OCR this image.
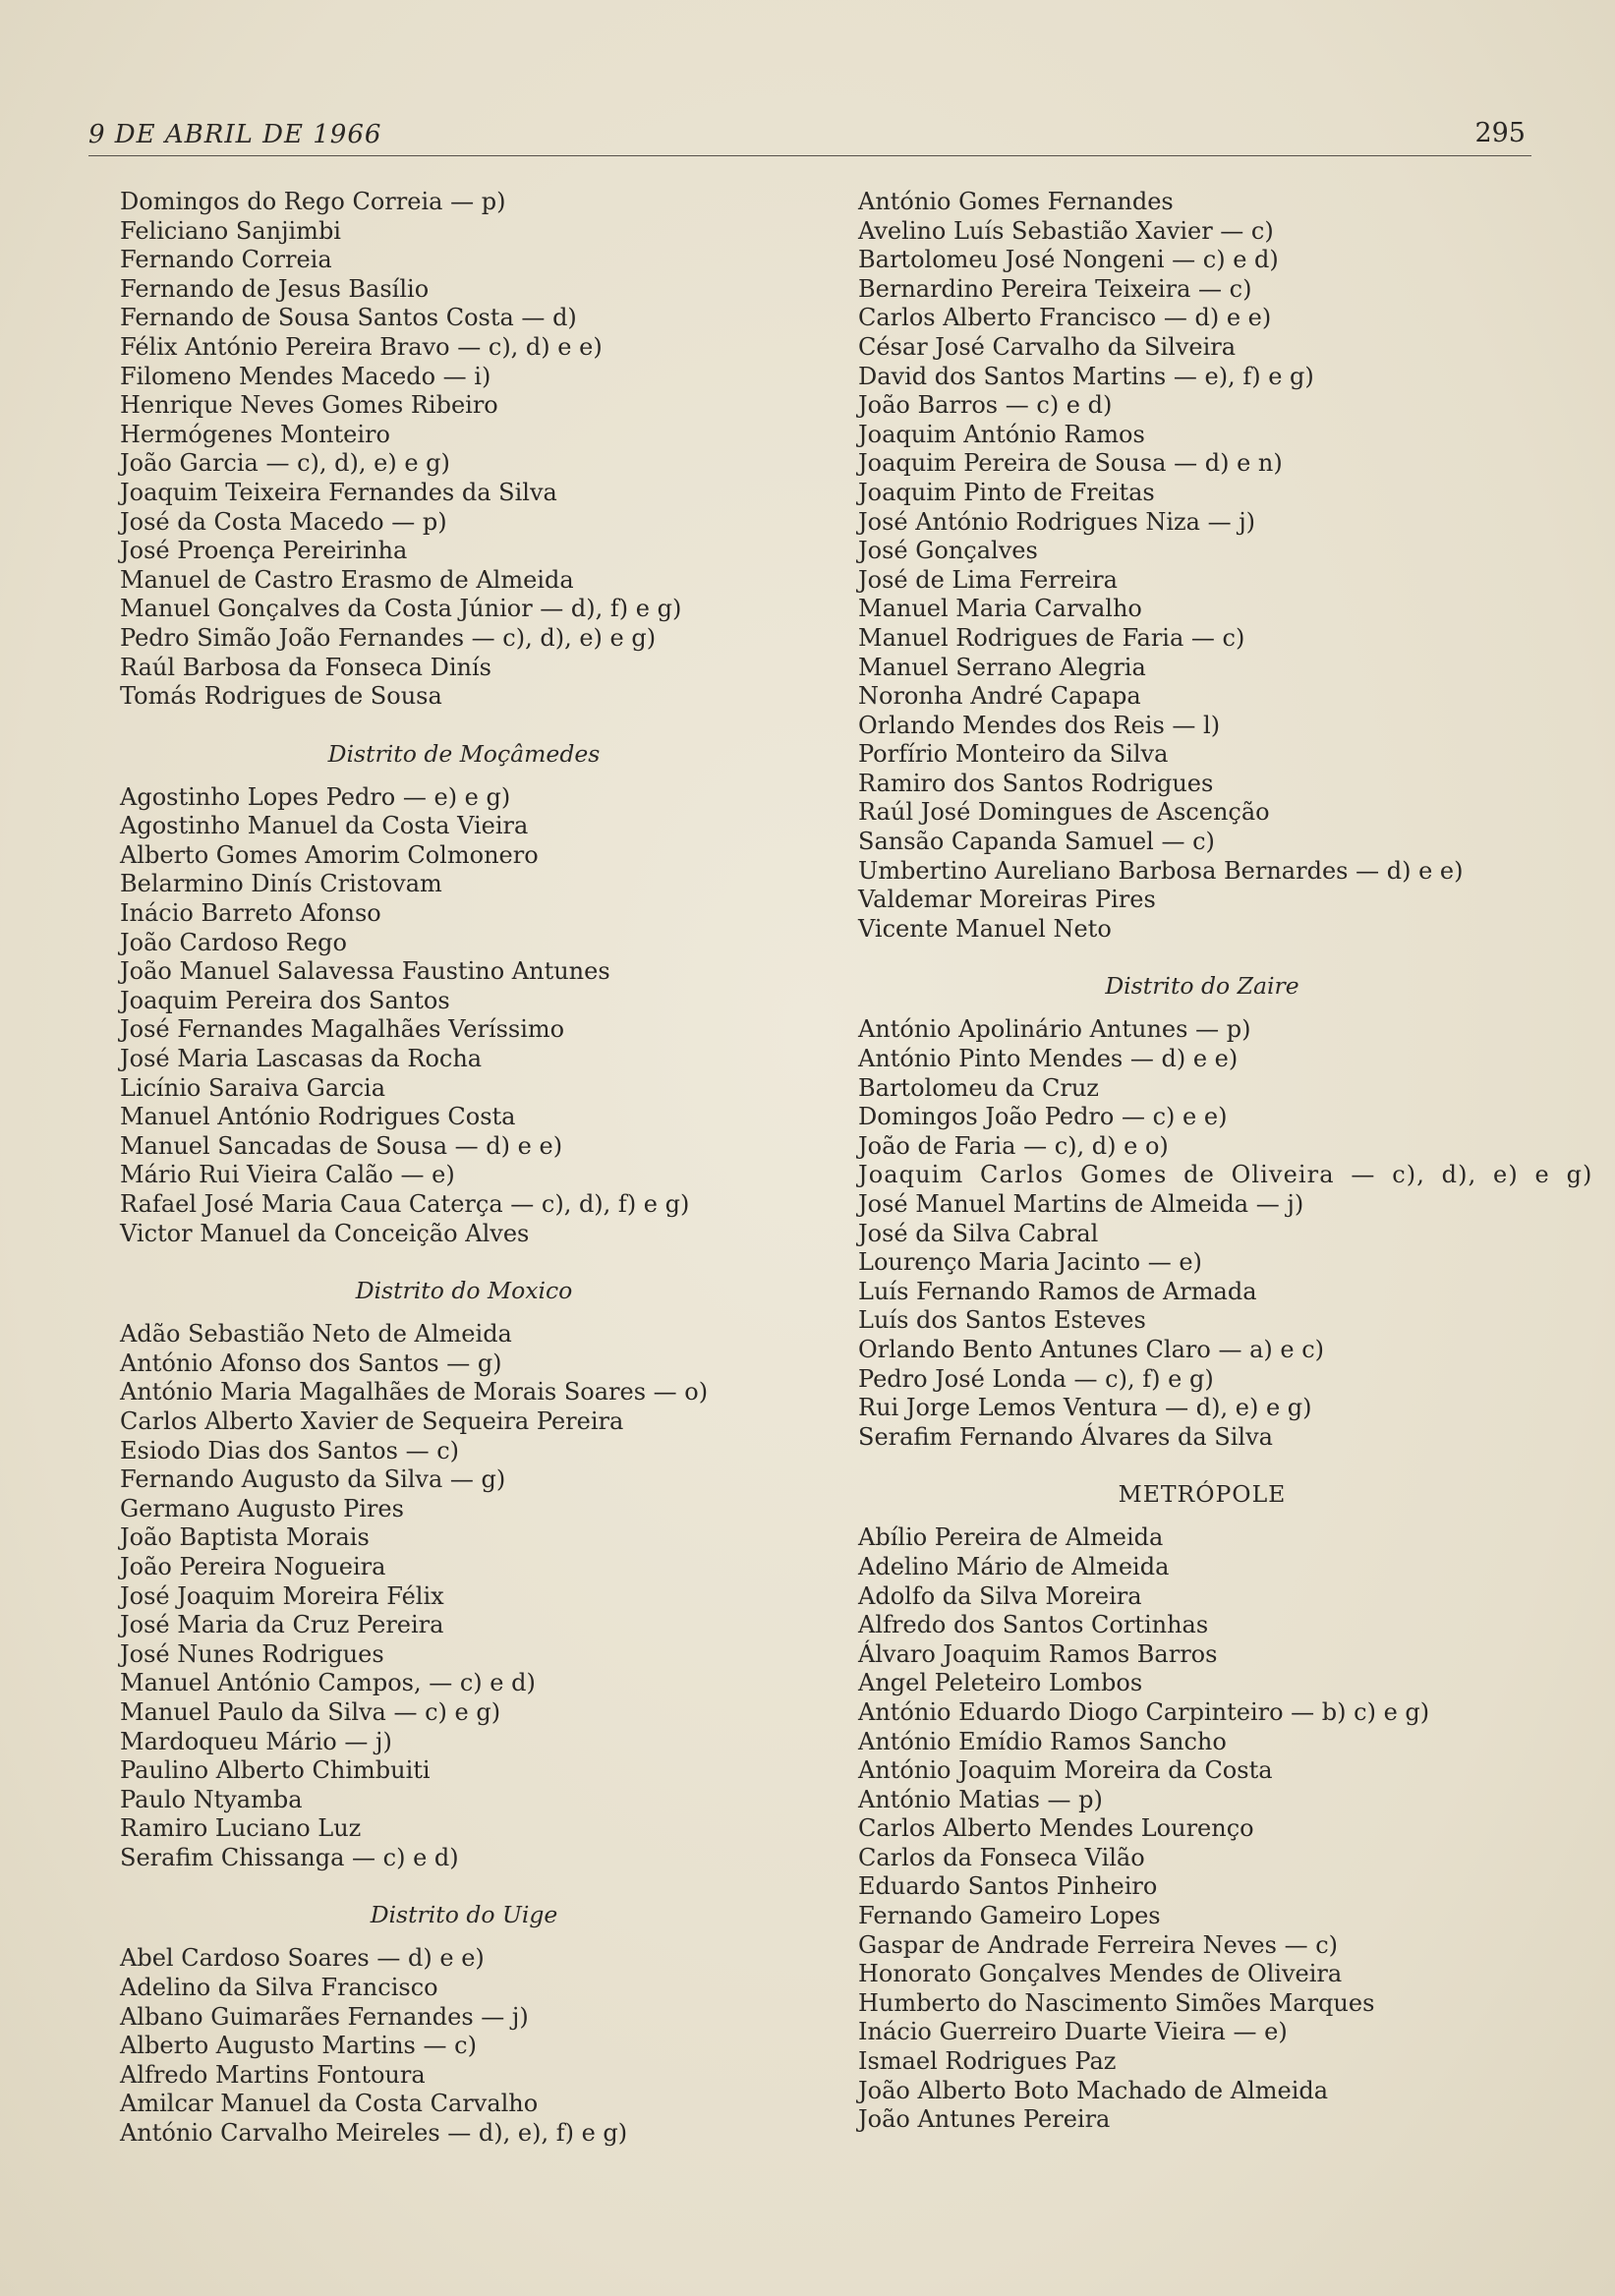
9 DE ABRIL DE 1966	295
Domingos do Rego Correia — p)
Feliciano Sanjimbi
Fernando Correia
Fernando de Jesus Basílio
Fernando de Sousa Santos Costa — d)
Félix António Pereira Bravo — c), d) e e)
Filomeno Mendes Macedo — i)
Henrique Neves Gomes Ribeiro
Hermógenes Monteiro
João Garcia — c), d), e) e g)
Joaquim Teixeira Fernandes da Silva
José da Costa Macedo — p)
José Proença Pereirinha
Manuel de Castro Erasmo de Almeida
Manuel Gonçalves da Costa Júnior — d), f) e g)
Pedro Simão João Fernandes — c), d), e) e g)
Raúl Barbosa da Fonseca Dinís
Tomás Rodrigues de Sousa
Distrito de Moçâmedes
Agostinho Lopes Pedro — e) e g)
Agostinho Manuel da Costa Vieira
Alberto Gomes Amorim Colmonero
Belarmino Dinís Cristovam
Inácio Barreto Afonso
João Cardoso Rego
João Manuel Salavessa Faustino Antunes
Joaquim Pereira dos Santos
José Fernandes Magalhães Veríssimo
José Maria Lascasas da Rocha
Licínio Saraiva Garcia
Manuel António Rodrigues Costa
Manuel Sancadas de Sousa — d) e e)
Mário Rui Vieira Calão — e)
Rafael José Maria Caua Caterça — c), d), f) e g)
Victor Manuel da Conceição Alves
Distrito do Moxico
Adão Sebastião Neto de Almeida
António Afonso dos Santos — g)
António Maria Magalhães de Morais Soares — o)
Carlos Alberto Xavier de Sequeira Pereira
Esiodo Dias dos Santos — c)
Fernando Augusto da Silva — g)
Germano Augusto Pires
João Baptista Morais
João Pereira Nogueira
José Joaquim Moreira Félix
José Maria da Cruz Pereira
José Nunes Rodrigues
Manuel António Campos, — c) e d)
Manuel Paulo da Silva — c) e g)
Mardoqueu Mário — j)
Paulino Alberto Chimbuiti
Paulo Ntyamba
Ramiro Luciano Luz
Serafim Chissanga — c) e d)
Distrito do Uige
Abel Cardoso Soares — d) e e)
Adelino da Silva Francisco
Albano Guimarães Fernandes — j)
Alberto Augusto Martins — c)
Alfredo Martins Fontoura
Amilcar Manuel da Costa Carvalho
António Carvalho Meireles — d), e), f) e g)
António Gomes Fernandes
Avelino Luís Sebastião Xavier — c)
Bartolomeu José Nongeni — c) e d)
Bernardino Pereira Teixeira — c)
Carlos Alberto Francisco — d) e e)
César José Carvalho da Silveira
David dos Santos Martins — e), f) e g)
João Barros — c) e d)
Joaquim António Ramos
Joaquim Pereira de Sousa — d) e n)
Joaquim Pinto de Freitas
José António Rodrigues Niza — j)
José Gonçalves
José de Lima Ferreira
Manuel Maria Carvalho
Manuel Rodrigues de Faria — c)
Manuel Serrano Alegria
Noronha André Capapa
Orlando Mendes dos Reis — l)
Porfírio Monteiro da Silva
Ramiro dos Santos Rodrigues
Raúl José Domingues de Ascenção
Sansão Capanda Samuel — c)
Umbertino Aureliano Barbosa Bernardes — d) e e)
Valdemar Moreiras Pires
Vicente Manuel Neto
Distrito do Zaire
António Apolinário Antunes — p)
António Pinto Mendes — d) e e)
Bartolomeu da Cruz
Domingos João Pedro — c) e e)
João de Faria — c), d) e o)
Joaquim Carlos Gomes de Oliveira — c), d), e) e g)
José Manuel Martins de Almeida — j)
José da Silva Cabral
Lourenço Maria Jacinto — e)
Luís Fernando Ramos de Armada
Luís dos Santos Esteves
Orlando Bento Antunes Claro — a) e c)
Pedro José Londa — c), f) e g)
Rui Jorge Lemos Ventura — d), e) e g)
Serafim Fernando Álvares da Silva
METRÓPOLE
Abílio Pereira de Almeida
Adelino Mário de Almeida
Adolfo da Silva Moreira
Alfredo dos Santos Cortinhas
Álvaro Joaquim Ramos Barros
Angel Peleteiro Lombos
António Eduardo Diogo Carpinteiro — b) c) e g)
António Emídio Ramos Sancho
António Joaquim Moreira da Costa
António Matias — p)
Carlos Alberto Mendes Lourenço
Carlos da Fonseca Vilão
Eduardo Santos Pinheiro
Fernando Gameiro Lopes
Gaspar de Andrade Ferreira Neves — c)
Honorato Gonçalves Mendes de Oliveira
Humberto do Nascimento Simões Marques
Inácio Guerreiro Duarte Vieira — e)
Ismael Rodrigues Paz
João Alberto Boto Machado de Almeida
João Antunes Pereira
